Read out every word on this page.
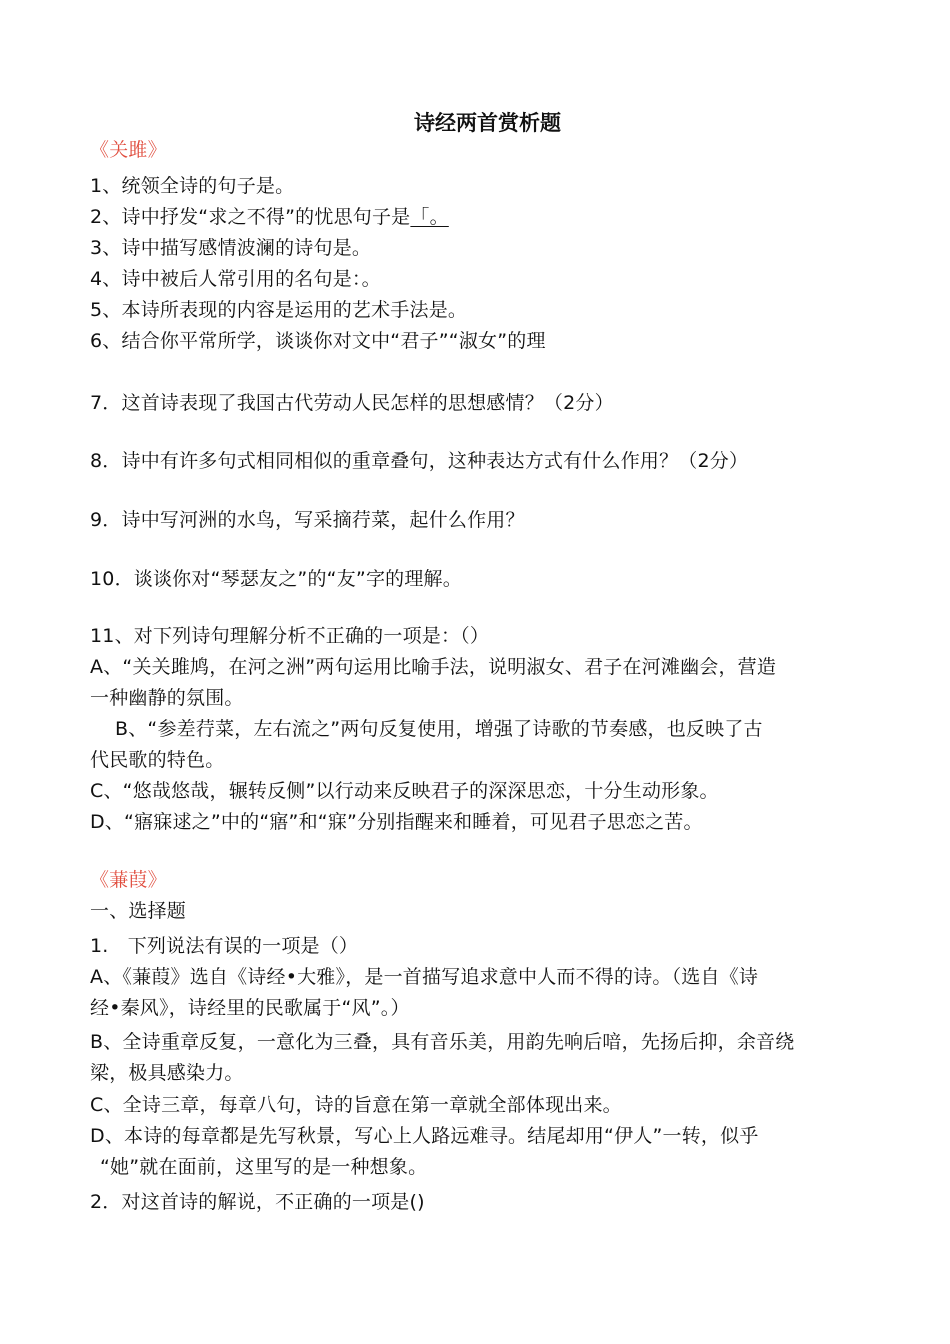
诗经两首赏析题
《关雎》
1、统领全诗的句子是。
2、诗中抒发“求之不得”的忧思句子是「。
3、诗中描写感情波澜的诗句是。
4、诗中被后人常引用的名句是：。
5、本诗所表现的内容是运用的艺术手法是。
6、结合你平常所学，谈谈你对文中“君子”“淑女”的理
7．这首诗表现了我国古代劳动人民怎样的思想感情？（2分）
8．诗中有许多句式相同相似的重章叠句，这种表达方式有什么作用？（2分）
9．诗中写河洲的水鸟，写采摘荇菜，起什么作用？
10．谈谈你对“琴瑟友之”的“友”字的理解。
11、对下列诗句理解分析不正确的一项是：（）
A、“关关雎鸠，在河之洲”两句运用比喻手法，说明淑女、君子在河滩幽会，营造
一种幽静的氛围。
B、“参差荇菜，左右流之”两句反复使用，增强了诗歌的节奏感，也反映了古
代民歌的特色。
C、“悠哉悠哉，辗转反侧”以行动来反映君子的深深思恋，十分生动形象。
D、“寤寐逑之”中的“寤”和“寐”分别指醒来和睡着，可见君子思恋之苦。
《蒹葭》
一、选择题
1.　下列说法有误的一项是（）
A、《蒹葭》选自《诗经•大雅》，是一首描写追求意中人而不得的诗。（选自《诗
经•秦风》，诗经里的民歌属于“风”。）
B、全诗重章反复，一意化为三叠，具有音乐美，用韵先响后喑，先扬后抑，余音绕
梁，极具感染力。
C、全诗三章，每章八句，诗的旨意在第一章就全部体现出来。
D、本诗的每章都是先写秋景，写心上人路远难寻。结尾却用“伊人”一转，似乎
“她”就在面前，这里写的是一种想象。
2．对这首诗的解说，不正确的一项是()
